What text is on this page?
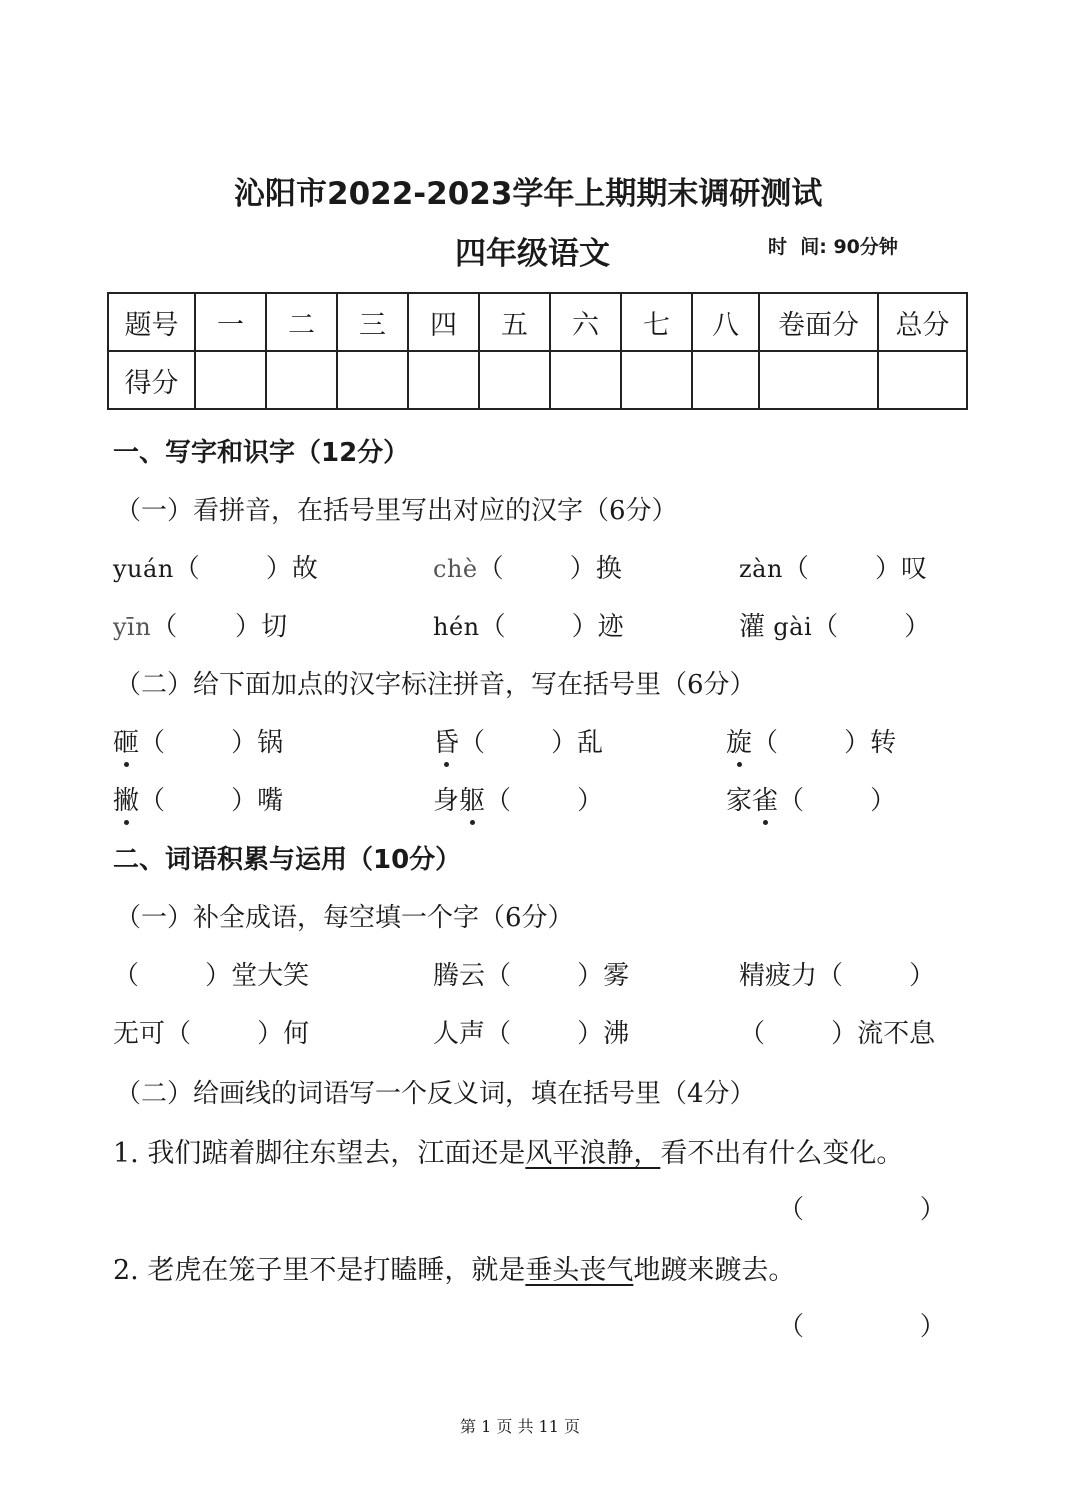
沁阳市2022-2023学年上期期末调研测试
四年级语文	时  间: 90分钟
题号	一	二	三	四	五	六	七	八	卷面分	总分
得分										
一、写字和识字（12分）
（一）看拼音，在括号里写出对应的汉字（6分）
yuán（        ）故	chè（        ）换	zàn（        ）叹
yīn（       ）切	hén（        ）迹	灌 gài（        ）
（二）给下面加点的汉字标注拼音，写在括号里（6分）
砸（        ）锅	昏（        ）乱	旋（        ）转
撇（        ）嘴	身躯（        ）	家雀（        ）
二、词语积累与运用（10分）
（一）补全成语，每空填一个字（6分）
（        ）堂大笑	腾云（        ）雾	精疲力（        ）
无可（        ）何	人声（        ）沸	（        ）流不息
（二）给画线的词语写一个反义词，填在括号里（4分）
1. 我们踮着脚往东望去，江面还是风平浪静，看不出有什么变化。
（              ）
2. 老虎在笼子里不是打瞌睡，就是垂头丧气地踱来踱去。
（              ）
第 1 页 共 11 页
